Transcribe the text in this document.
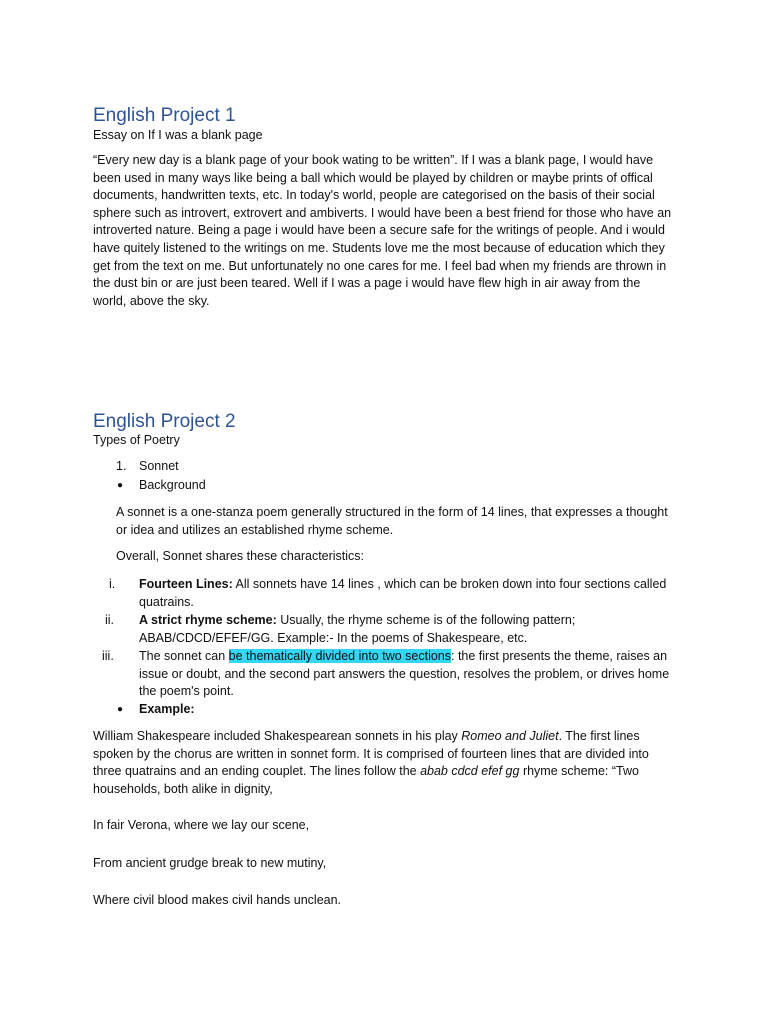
English Project 1

Essay on If I was a blank page

“Every new day is a blank page of your book wating to be written”. If I was a blank page, I would have been used in many ways like being a ball which would be played by children or maybe prints of offical documents, handwritten texts, etc. In today's world, people are categorised on the basis of their social sphere such as introvert, extrovert and ambiverts. I would have been a best friend for those who have an introverted nature. Being a page i would have been a secure safe for the writings of people. And i would have quitely listened to the writings on me. Students love me the most because of education which they get from the text on me. But unfortunately no one cares for me. I feel bad when my friends are thrown in the dust bin or are just been teared. Well if I was a page i would have flew high in air away from the world, above the sky.

English Project 2

Types of Poetry

1. Sonnet

● Background

A sonnet is a one-stanza poem generally structured in the form of 14 lines, that expresses a thought or idea and utilizes an established rhyme scheme.

Overall, Sonnet shares these characteristics:

i. Fourteen Lines: All sonnets have 14 lines , which can be broken down into four sections called quatrains.

ii. A strict rhyme scheme: Usually, the rhyme scheme is of the following pattern; ABAB/CDCD/EFEF/GG. Example:- In the poems of Shakespeare, etc.

iii. The sonnet can be thematically divided into two sections: the first presents the theme, raises an issue or doubt, and the second part answers the question, resolves the problem, or drives home the poem's point.

● Example:

William Shakespeare included Shakespearean sonnets in his play Romeo and Juliet. The first lines spoken by the chorus are written in sonnet form. It is comprised of fourteen lines that are divided into three quatrains and an ending couplet. The lines follow the abab cdcd efef gg rhyme scheme: “Two households, both alike in dignity,

In fair Verona, where we lay our scene,

From ancient grudge break to new mutiny,

Where civil blood makes civil hands unclean.
